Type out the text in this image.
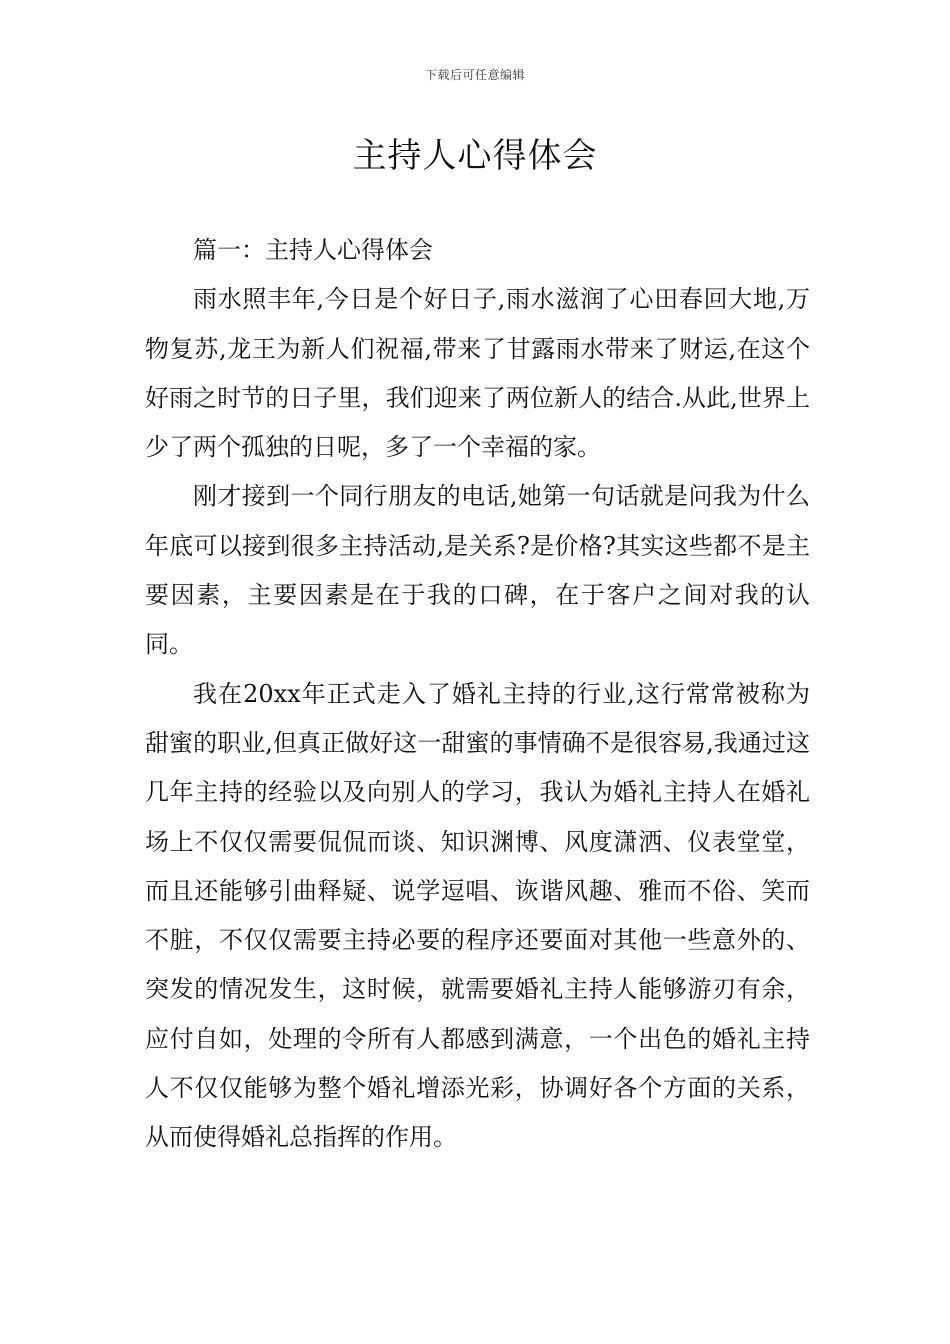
下载后可任意编辑
主持人心得体会

篇一：主持人心得体会

雨水照丰年,今日是个好日子,雨水滋润了心田春回大地,万物复苏,龙王为新人们祝福,带来了甘露雨水带来了财运,在这个好雨之时节的日子里，我们迎来了两位新人的结合.从此,世界上少了两个孤独的日呢，多了一个幸福的家。

刚才接到一个同行朋友的电话,她第一句话就是问我为什么年底可以接到很多主持活动,是关系?是价格?其实这些都不是主要因素，主要因素是在于我的口碑，在于客户之间对我的认同。

我在20xx年正式走入了婚礼主持的行业,这行常常被称为甜蜜的职业,但真正做好这一甜蜜的事情确不是很容易,我通过这几年主持的经验以及向别人的学习，我认为婚礼主持人在婚礼场上不仅仅需要侃侃而谈、知识渊博、风度潇洒、仪表堂堂，而且还能够引曲释疑、说学逗唱、诙谐风趣、雅而不俗、笑而不脏，不仅仅需要主持必要的程序还要面对其他一些意外的、突发的情况发生，这时候，就需要婚礼主持人能够游刃有余，应付自如，处理的令所有人都感到满意，一个出色的婚礼主持人不仅仅能够为整个婚礼增添光彩，协调好各个方面的关系，从而使得婚礼总指挥的作用。
